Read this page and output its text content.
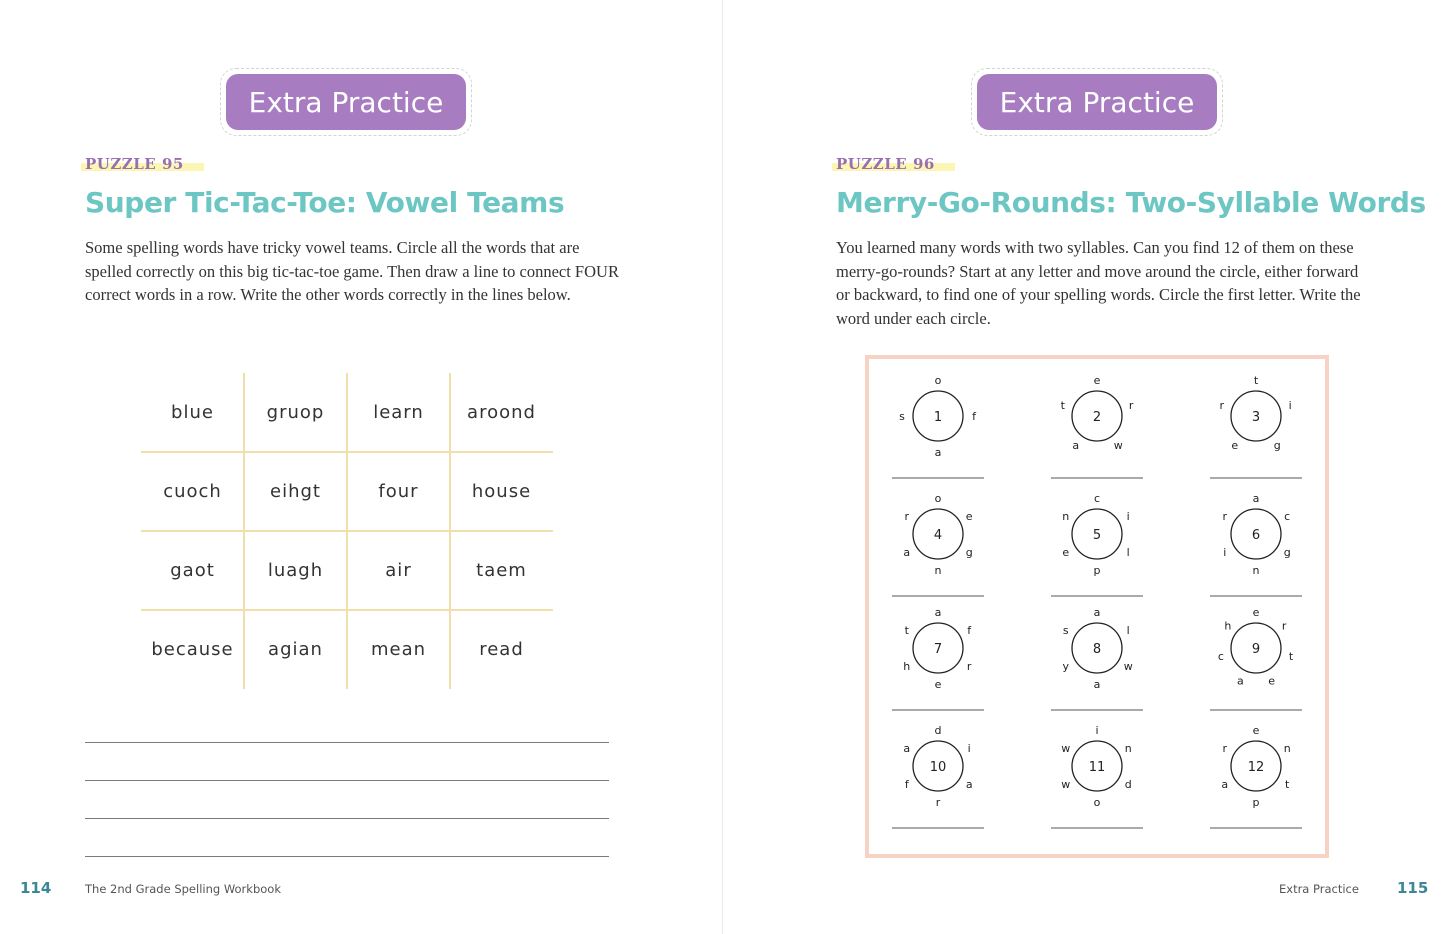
Extra Practice
PUZZLE 95
Super Tic-Tac-Toe: Vowel Teams
Some spelling words have tricky vowel teams. Circle all the words that are spelled correctly on this big tic-tac-toe game. Then draw a line to connect FOUR correct words in a row. Write the other words correctly in the lines below.
blue	gruop	learn	aroond
cuoch	eihgt	four	house
gaot	luagh	air	taem
because	agian	mean	read
114	The 2nd Grade Spelling Workbook
Extra Practice
PUZZLE 96
Merry-Go-Rounds: Two-Syllable Words
You learned many words with two syllables. Can you find 12 of them on these merry-go-rounds? Start at any letter and move around the circle, either forward or backward, to find one of your spelling words. Circle the first letter. Write the word under each circle.
1
o
f
a
s	2
e
r
w
a
t
3
t
i
g
e
r
4
o
e
g
n
a
r
5
c
i
l
p
e
n
6
a
c
g
n
i
r
7
a
f
r
e
h
t
8
a
l
w
a
y
s
9
e
r
t
e
a
c
h
10
d
i
a
r
f
a
11
i
n
d
o
w
w
12
e
n
t
p
a
r
Extra Practice	115
